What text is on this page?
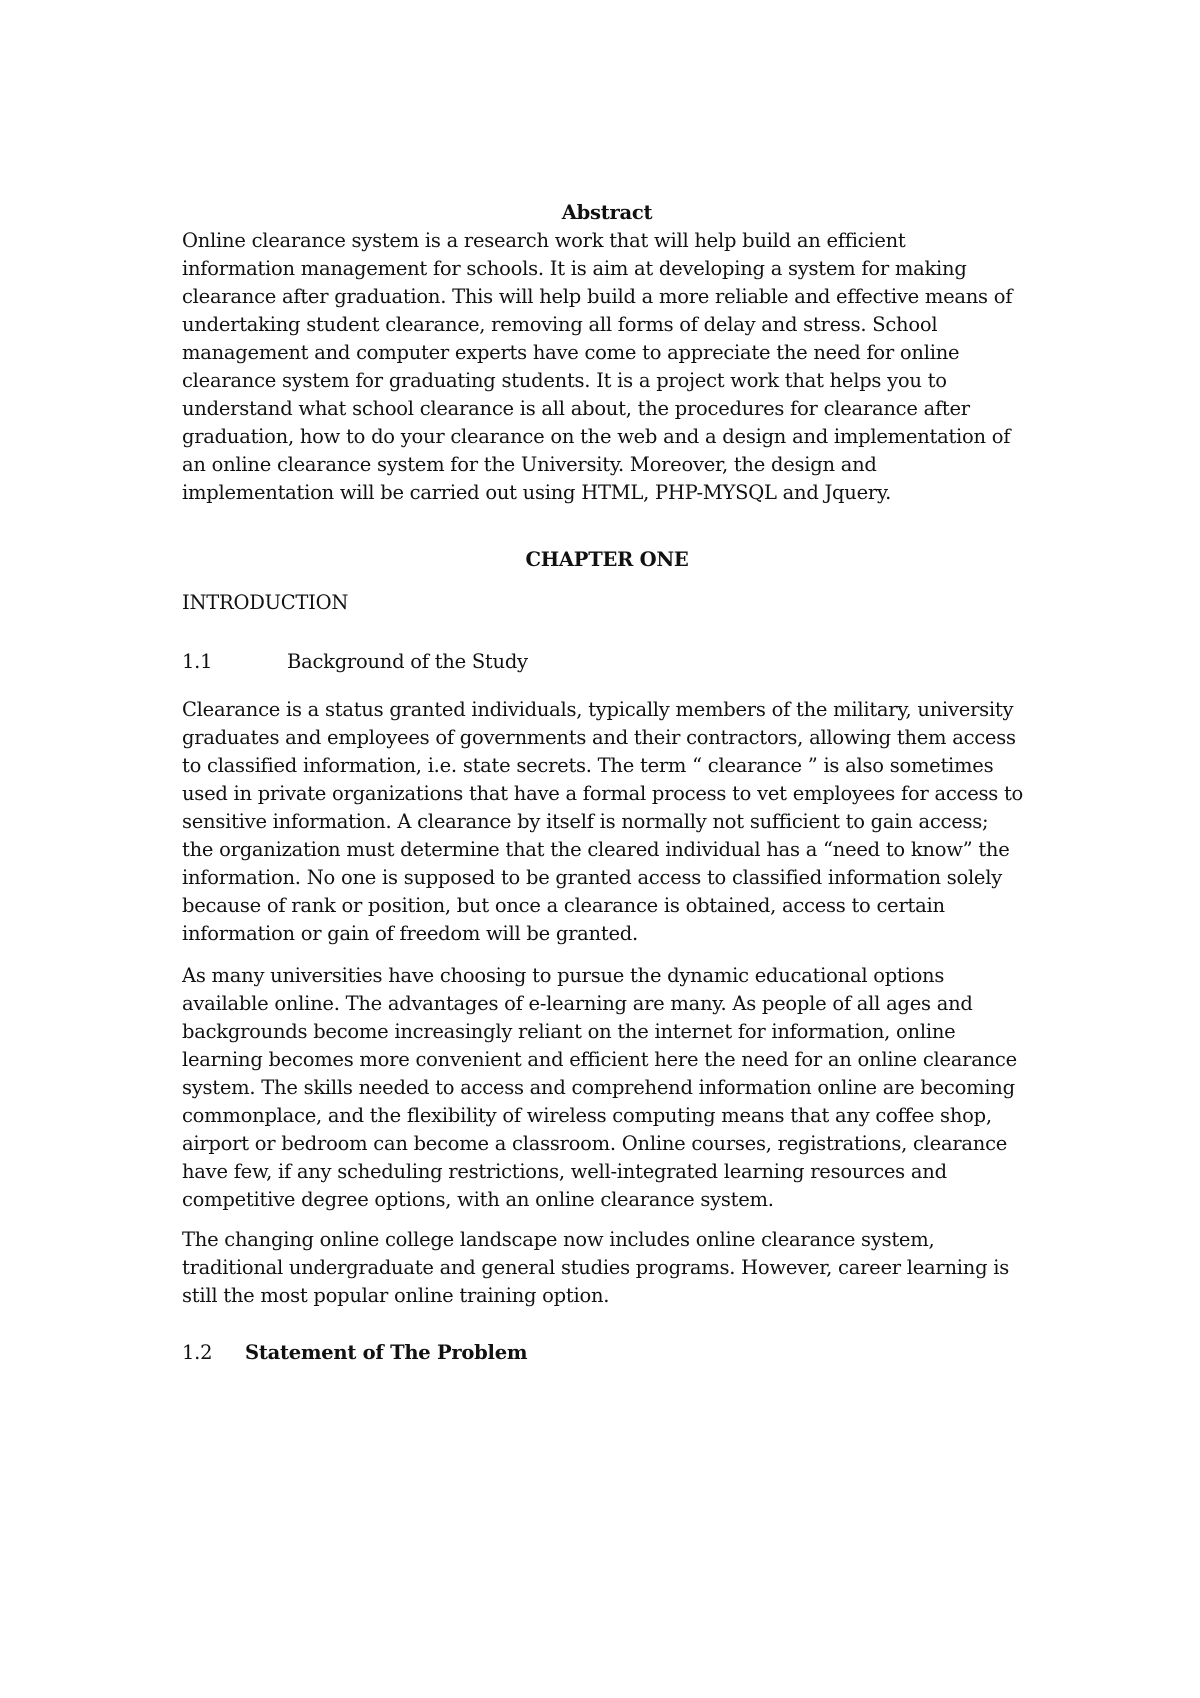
Abstract

Online clearance system is a research work that will help build an efficient
information management for schools. It is aim at developing a system for making
clearance after graduation. This will help build a more reliable and effective means of
undertaking student clearance, removing all forms of delay and stress. School
management and computer experts have come to appreciate the need for online
clearance system for graduating students. It is a project work that helps you to
understand what school clearance is all about, the procedures for clearance after
graduation, how to do your clearance on the web and a design and implementation of
an online clearance system for the University. Moreover, the design and
implementation will be carried out using HTML, PHP-MYSQL and Jquery.

CHAPTER ONE

INTRODUCTION

1.1	Background of the Study

Clearance is a status granted individuals, typically members of the military, university
graduates and employees of governments and their contractors, allowing them access
to classified information, i.e. state secrets. The term “ clearance ” is also sometimes
used in private organizations that have a formal process to vet employees for access to
sensitive information. A clearance by itself is normally not sufficient to gain access;
the organization must determine that the cleared individual has a “need to know” the
information. No one is supposed to be granted access to classified information solely
because of rank or position, but once a clearance is obtained, access to certain
information or gain of freedom will be granted.

As many universities have choosing to pursue the dynamic educational options
available online. The advantages of e-learning are many. As people of all ages and
backgrounds become increasingly reliant on the internet for information, online
learning becomes more convenient and efficient here the need for an online clearance
system. The skills needed to access and comprehend information online are becoming
commonplace, and the flexibility of wireless computing means that any coffee shop,
airport or bedroom can become a classroom. Online courses, registrations, clearance
have few, if any scheduling restrictions, well-integrated learning resources and
competitive degree options, with an online clearance system.

The changing online college landscape now includes online clearance system,
traditional undergraduate and general studies programs. However, career learning is
still the most popular online training option.

1.2 Statement of The Problem
